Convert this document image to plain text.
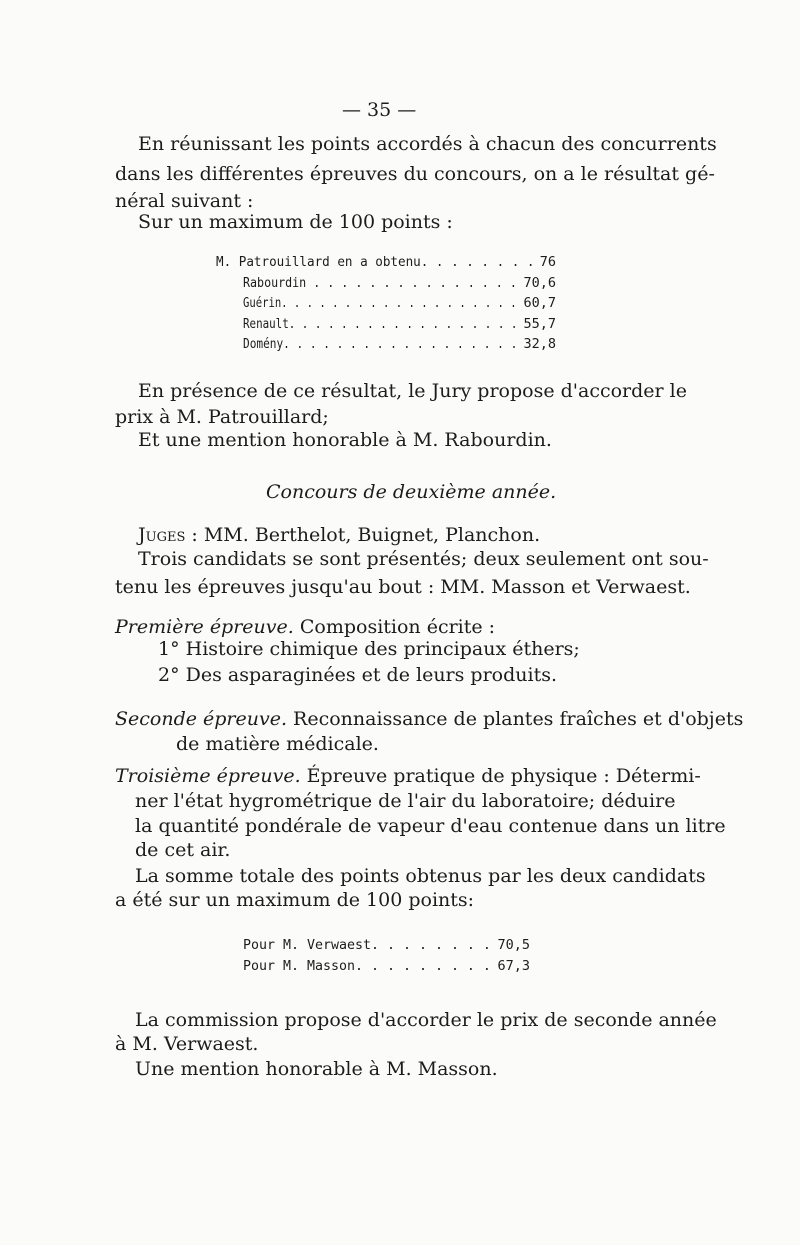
— 35 —
En réunissant les points accordés à chacun des concurrents
dans les différentes épreuves du concours, on a le résultat gé-
néral suivant :
Sur un maximum de 100 points :
M. Patrouillard en a obtenu. . . . . . . . 76
Rabourdin . . . . . . . . . . . . . . . 70,6
Guérin. . . . . . . . . . . . . . . . . . . 60,7
Renault. . . . . . . . . . . . . . . . . . 55,7
Domény. . . . . . . . . . . . . . . . . . 32,8
En présence de ce résultat, le Jury propose d'accorder le
prix à M. Patrouillard;
Et une mention honorable à M. Rabourdin.
Concours de deuxième année.
Juges : MM. Berthelot, Buignet, Planchon.
Trois candidats se sont présentés; deux seulement ont sou-
tenu les épreuves jusqu'au bout : MM. Masson et Verwaest.
Première épreuve. Composition écrite :
1° Histoire chimique des principaux éthers;
2° Des asparaginées et de leurs produits.
Seconde épreuve. Reconnaissance de plantes fraîches et d'objets
de matière médicale.
Troisième épreuve. Épreuve pratique de physique : Détermi-
ner l'état hygrométrique de l'air du laboratoire; déduire
la quantité pondérale de vapeur d'eau contenue dans un litre
de cet air.
La somme totale des points obtenus par les deux candidats
a été sur un maximum de 100 points:
Pour M. Verwaest. . . . . . . . 70,5
Pour M. Masson. . . . . . . . . 67,3
La commission propose d'accorder le prix de seconde année
à M. Verwaest.
Une mention honorable à M. Masson.
